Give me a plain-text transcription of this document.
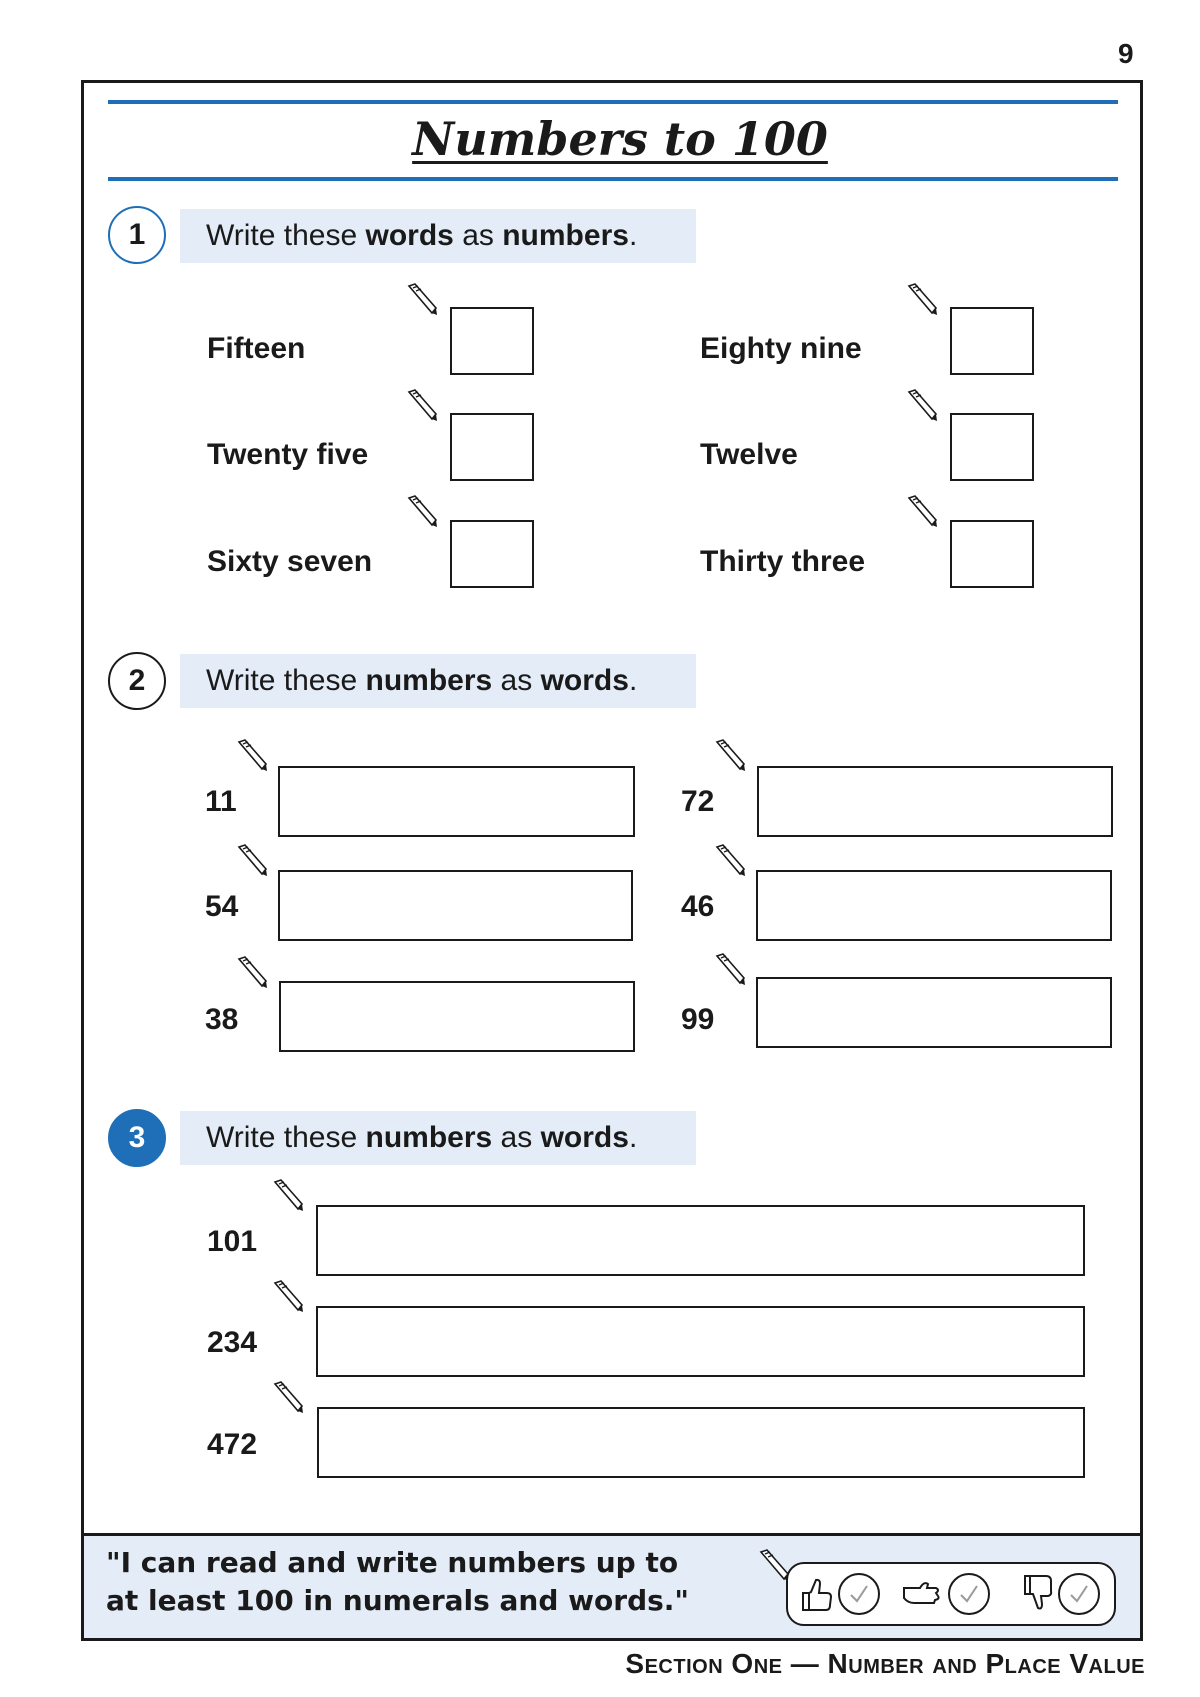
9
Numbers to 100
1	Write these words as numbers.
Fifteen
Twenty five
Sixty seven
Eighty nine
Twelve
Thirty three
2	Write these numbers as words.
11
54
38
72
46
99
3	Write these numbers as words.
101
234
472
"I can read and write numbers up to
at least 100 in numerals and words."
Section One — Number and Place Value
